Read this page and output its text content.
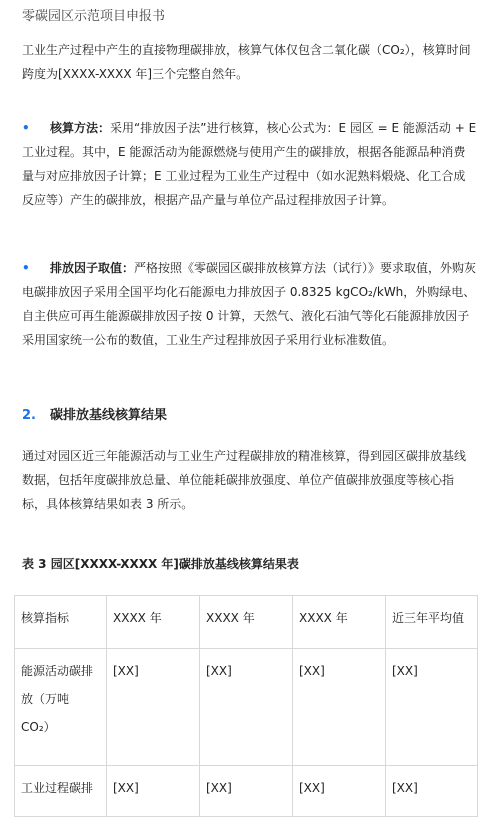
零碳园区示范项目申报书

工业生产过程中产生的直接物理碳排放，核算气体仅包含二氧化碳（CO₂），核算时间跨度为[XXXX-XXXX 年]三个完整自然年。

• 核算方法：采用“排放因子法”进行核算，核心公式为：E 园区 = E 能源活动 + E 工业过程。其中，E 能源活动为能源燃烧与使用产生的碳排放，根据各能源品种消费量与对应排放因子计算；E 工业过程为工业生产过程中（如水泥熟料煅烧、化工合成反应等）产生的碳排放，根据产品产量与单位产品过程排放因子计算。

• 排放因子取值：严格按照《零碳园区碳排放核算方法（试行）》要求取值，外购灰电碳排放因子采用全国平均化石能源电力排放因子 0.8325 kgCO₂/kWh，外购绿电、自主供应可再生能源碳排放因子按 0 计算，天然气、液化石油气等化石能源排放因子采用国家统一公布的数值，工业生产过程排放因子采用行业标准数值。

2. 碳排放基线核算结果

通过对园区近三年能源活动与工业生产过程碳排放的精准核算，得到园区碳排放基线数据，包括年度碳排放总量、单位能耗碳排放强度、单位产值碳排放强度等核心指标，具体核算结果如表 3 所示。

表 3 园区[XXXX-XXXX 年]碳排放基线核算结果表
核算指标	XXXX 年	XXXX 年	XXXX 年	近三年平均值
能源活动碳排放（万吨 CO₂）	[XX]	[XX]	[XX]	[XX]
工业过程碳排	[XX]	[XX]	[XX]	[XX]
